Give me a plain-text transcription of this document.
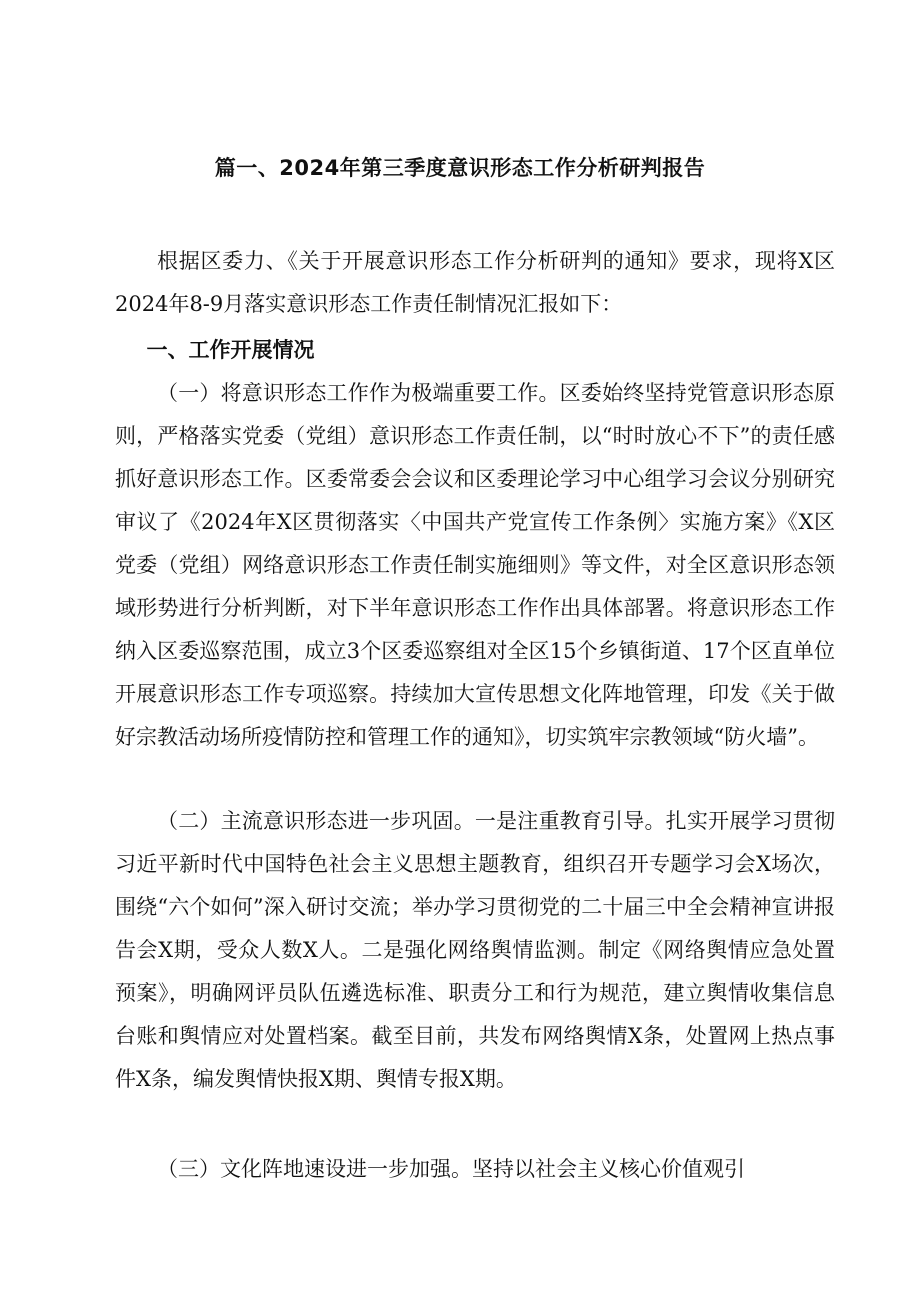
篇一、2024年第三季度意识形态工作分析研判报告
根据区委力、《关于开展意识形态工作分析研判的通知》要求，现将X区2024年8-9月落实意识形态工作责任制情况汇报如下：
一、工作开展情况
（一）将意识形态工作作为极端重要工作。区委始终坚持党管意识形态原则，严格落实党委（党组）意识形态工作责任制，以“时时放心不下”的责任感抓好意识形态工作。区委常委会会议和区委理论学习中心组学习会议分别研究审议了《2024年X区贯彻落实〈中国共产党宣传工作条例〉实施方案》《X区党委（党组）网络意识形态工作责任制实施细则》等文件，对全区意识形态领域形势进行分析判断，对下半年意识形态工作作出具体部署。将意识形态工作纳入区委巡察范围，成立3个区委巡察组对全区15个乡镇街道、17个区直单位开展意识形态工作专项巡察。持续加大宣传思想文化阵地管理，印发《关于做好宗教活动场所疫情防控和管理工作的通知》，切实筑牢宗教领域“防火墙”。
（二）主流意识形态进一步巩固。一是注重教育引导。扎实开展学习贯彻习近平新时代中国特色社会主义思想主题教育，组织召开专题学习会X场次，围绕“六个如何”深入研讨交流；举办学习贯彻党的二十届三中全会精神宣讲报告会X期，受众人数X人。二是强化网络舆情监测。制定《网络舆情应急处置预案》，明确网评员队伍遴选标准、职责分工和行为规范，建立舆情收集信息台账和舆情应对处置档案。截至目前，共发布网络舆情X条，处置网上热点事件X条，编发舆情快报X期、舆情专报X期。
（三）文化阵地速设进一步加强。坚持以社会主义核心价值观引
